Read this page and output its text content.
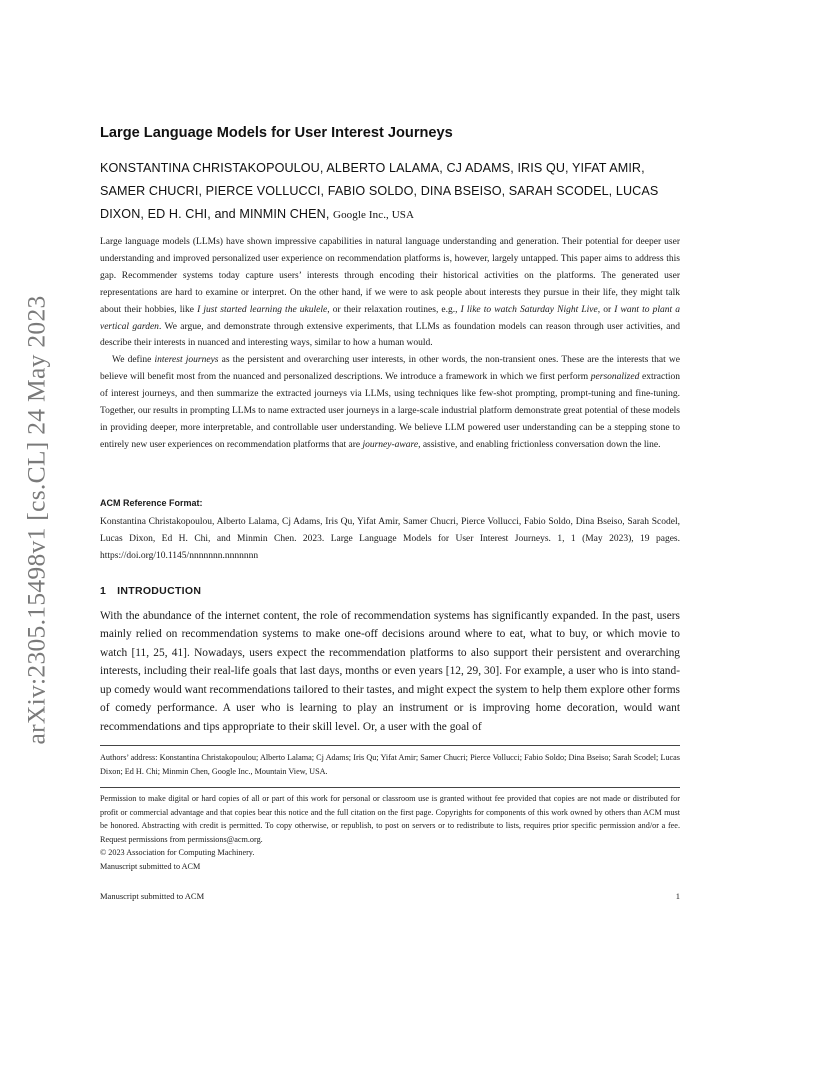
arXiv:2305.15498v1 [cs.CL] 24 May 2023
Large Language Models for User Interest Journeys
KONSTANTINA CHRISTAKOPOULOU, ALBERTO LALAMA, CJ ADAMS, IRIS QU, YIFAT AMIR, SAMER CHUCRI, PIERCE VOLLUCCI, FABIO SOLDO, DINA BSEISO, SARAH SCODEL, LUCAS DIXON, ED H. CHI, and MINMIN CHEN, Google Inc., USA

Large language models (LLMs) have shown impressive capabilities in natural language understanding and generation. Their potential for deeper user understanding and improved personalized user experience on recommendation platforms is, however, largely untapped. This paper aims to address this gap. Recommender systems today capture users’ interests through encoding their historical activities on the platforms. The generated user representations are hard to examine or interpret. On the other hand, if we were to ask people about interests they pursue in their life, they might talk about their hobbies, like I just started learning the ukulele, or their relaxation routines, e.g., I like to watch Saturday Night Live, or I want to plant a vertical garden. We argue, and demonstrate through extensive experiments, that LLMs as foundation models can reason through user activities, and describe their interests in nuanced and interesting ways, similar to how a human would.

We define interest journeys as the persistent and overarching user interests, in other words, the non-transient ones. These are the interests that we believe will benefit most from the nuanced and personalized descriptions. We introduce a framework in which we first perform personalized extraction of interest journeys, and then summarize the extracted journeys via LLMs, using techniques like few-shot prompting, prompt-tuning and fine-tuning. Together, our results in prompting LLMs to name extracted user journeys in a large-scale industrial platform demonstrate great potential of these models in providing deeper, more interpretable, and controllable user understanding. We believe LLM powered user understanding can be a stepping stone to entirely new user experiences on recommendation platforms that are journey-aware, assistive, and enabling frictionless conversation down the line.

ACM Reference Format:
Konstantina Christakopoulou, Alberto Lalama, Cj Adams, Iris Qu, Yifat Amir, Samer Chucri, Pierce Vollucci, Fabio Soldo, Dina Bseiso, Sarah Scodel, Lucas Dixon, Ed H. Chi, and Minmin Chen. 2023. Large Language Models for User Interest Journeys. 1, 1 (May 2023), 19 pages. https://doi.org/10.1145/nnnnnnn.nnnnnnn
1 INTRODUCTION
With the abundance of the internet content, the role of recommendation systems has significantly expanded. In the past, users mainly relied on recommendation systems to make one-off decisions around where to eat, what to buy, or which movie to watch [11, 25, 41]. Nowadays, users expect the recommendation platforms to also support their persistent and overarching interests, including their real-life goals that last days, months or even years [12, 29, 30]. For example, a user who is into stand-up comedy would want recommendations tailored to their tastes, and might expect the system to help them explore other forms of comedy performance. A user who is learning to play an instrument or is improving home decoration, would want recommendations and tips appropriate to their skill level. Or, a user with the goal of
Authors’ address: Konstantina Christakopoulou; Alberto Lalama; Cj Adams; Iris Qu; Yifat Amir; Samer Chucri; Pierce Vollucci; Fabio Soldo; Dina Bseiso; Sarah Scodel; Lucas Dixon; Ed H. Chi; Minmin Chen, Google Inc., Mountain View, USA.
Permission to make digital or hard copies of all or part of this work for personal or classroom use is granted without fee provided that copies are not made or distributed for profit or commercial advantage and that copies bear this notice and the full citation on the first page. Copyrights for components of this work owned by others than ACM must be honored. Abstracting with credit is permitted. To copy otherwise, or republish, to post on servers or to redistribute to lists, requires prior specific permission and/or a fee. Request permissions from permissions@acm.org.
© 2023 Association for Computing Machinery.
Manuscript submitted to ACM
Manuscript submitted to ACM	1
